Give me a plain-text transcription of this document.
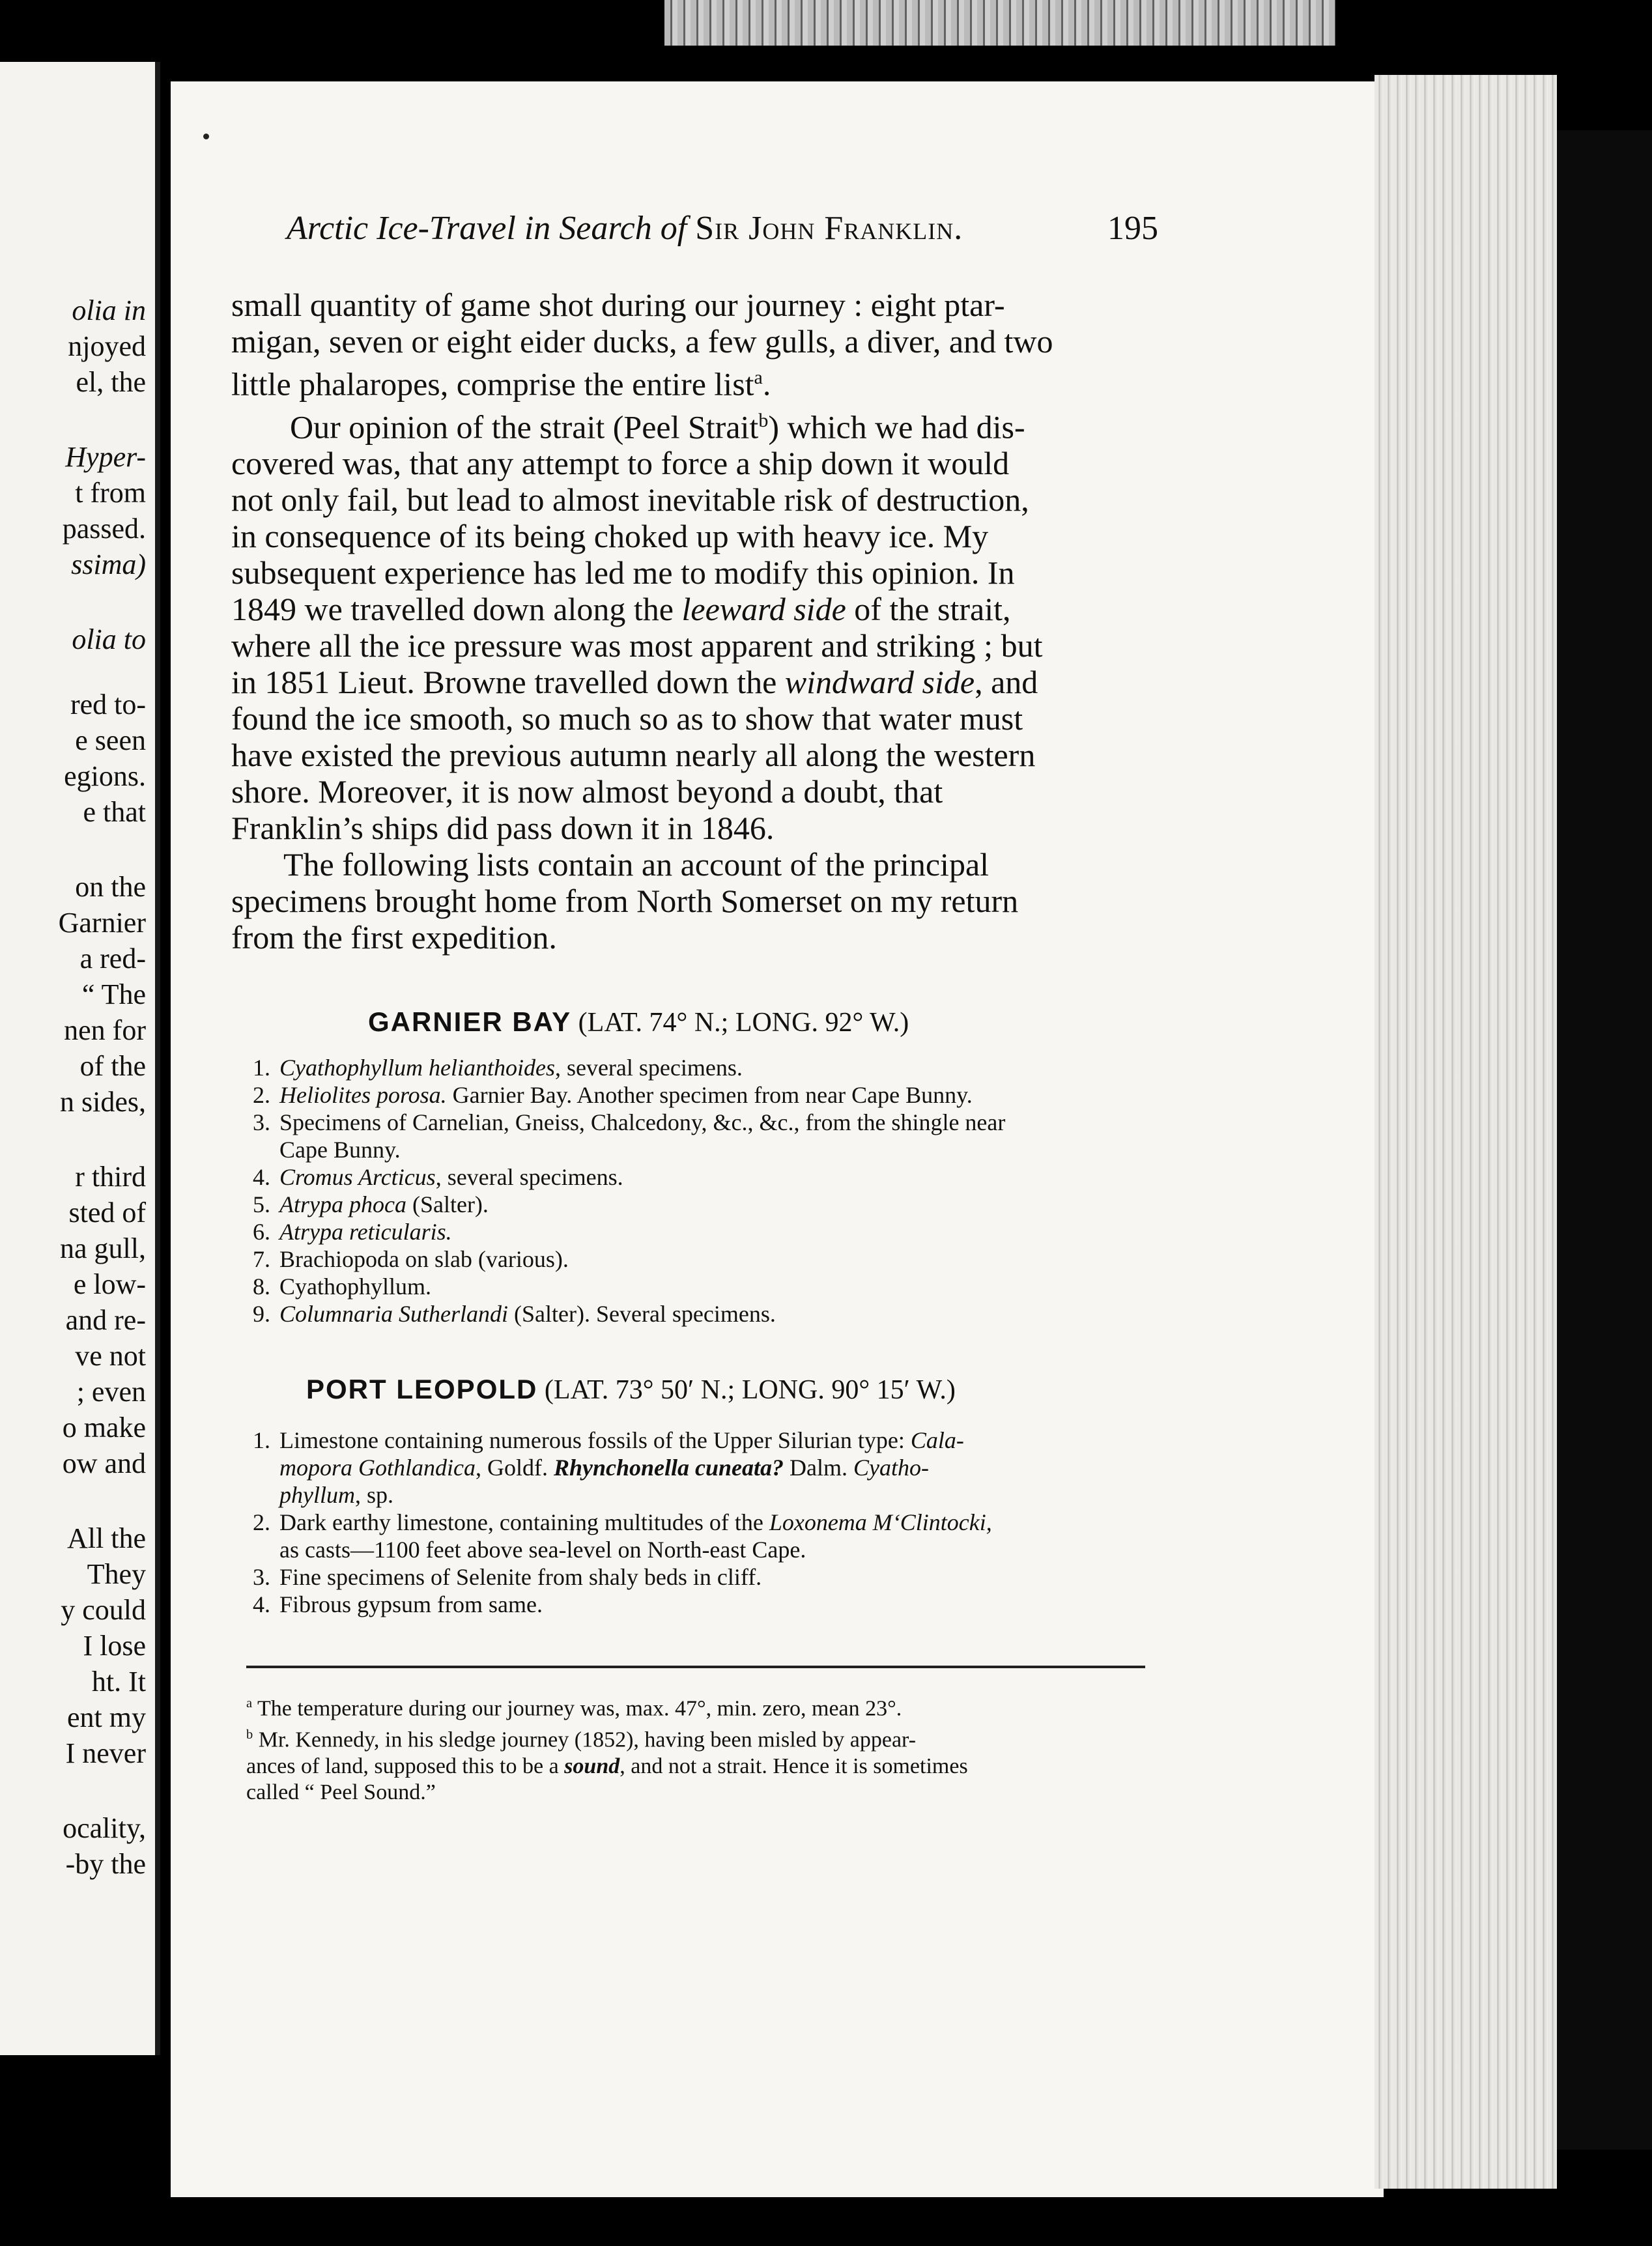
olia in
njoyed
el, the
Hyper-
t from
passed.
ssima)
olia to
red to-
e seen
egions.
e that
on the
Garnier
a red-
“ The
nen for
of the
n sides,
r third
sted of
na gull,
e low-
and re-
ve not
; even
o make
ow and
All the
They
y could
I lose
ht. It
ent my
I never
ocality,
-by the
Arctic Ice-Travel in Search of Sir John Franklin.	195
small quantity of game shot during our journey : eight ptar-
migan, seven or eight eider ducks, a few gulls, a diver, and two
little phalaropes, comprise the entire list$^a$.
Our opinion of the strait (Peel Strait$^b$) which we had dis-
covered was, that any attempt to force a ship down it would
not only fail, but lead to almost inevitable risk of destruction,
in consequence of its being choked up with heavy ice. My
subsequent experience has led me to modify this opinion. In
1849 we travelled down along the leeward side of the strait,
where all the ice pressure was most apparent and striking ; but
in 1851 Lieut. Browne travelled down the windward side, and
found the ice smooth, so much so as to show that water must
have existed the previous autumn nearly all along the western
shore. Moreover, it is now almost beyond a doubt, that
Franklin’s ships did pass down it in 1846.
The following lists contain an account of the principal
specimens brought home from North Somerset on my return
from the first expedition.
GARNIER BAY (LAT. 74° N.; LONG. 92° W.)
1. Cyathophyllum helianthoides, several specimens.
2. Heliolites porosa. Garnier Bay. Another specimen from near Cape Bunny.
3. Specimens of Carnelian, Gneiss, Chalcedony, &c., &c., from the shingle near
Cape Bunny.
4. Cromus Arcticus, several specimens.
5. Atrypa phoca (Salter).
6. Atrypa reticularis.
7. Brachiopoda on slab (various).
8. Cyathophyllum.
9. Columnaria Sutherlandi (Salter). Several specimens.
PORT LEOPOLD (LAT. 73° 50′ N.; LONG. 90° 15′ W.)
1. Limestone containing numerous fossils of the Upper Silurian type: Cala-
mopora Gothlandica, Goldf. Rhynchonella cuneata? Dalm. Cyatho-
phyllum, sp.
2. Dark earthy limestone, containing multitudes of the Loxonema M‘Clintocki,
as casts—1100 feet above sea-level on North-east Cape.
3. Fine specimens of Selenite from shaly beds in cliff.
4. Fibrous gypsum from same.
$^a$ The temperature during our journey was, max. 47°, min. zero, mean 23°.
$^b$ Mr. Kennedy, in his sledge journey (1852), having been misled by appear-
ances of land, supposed this to be a sound, and not a strait. Hence it is sometimes
called “ Peel Sound.”
